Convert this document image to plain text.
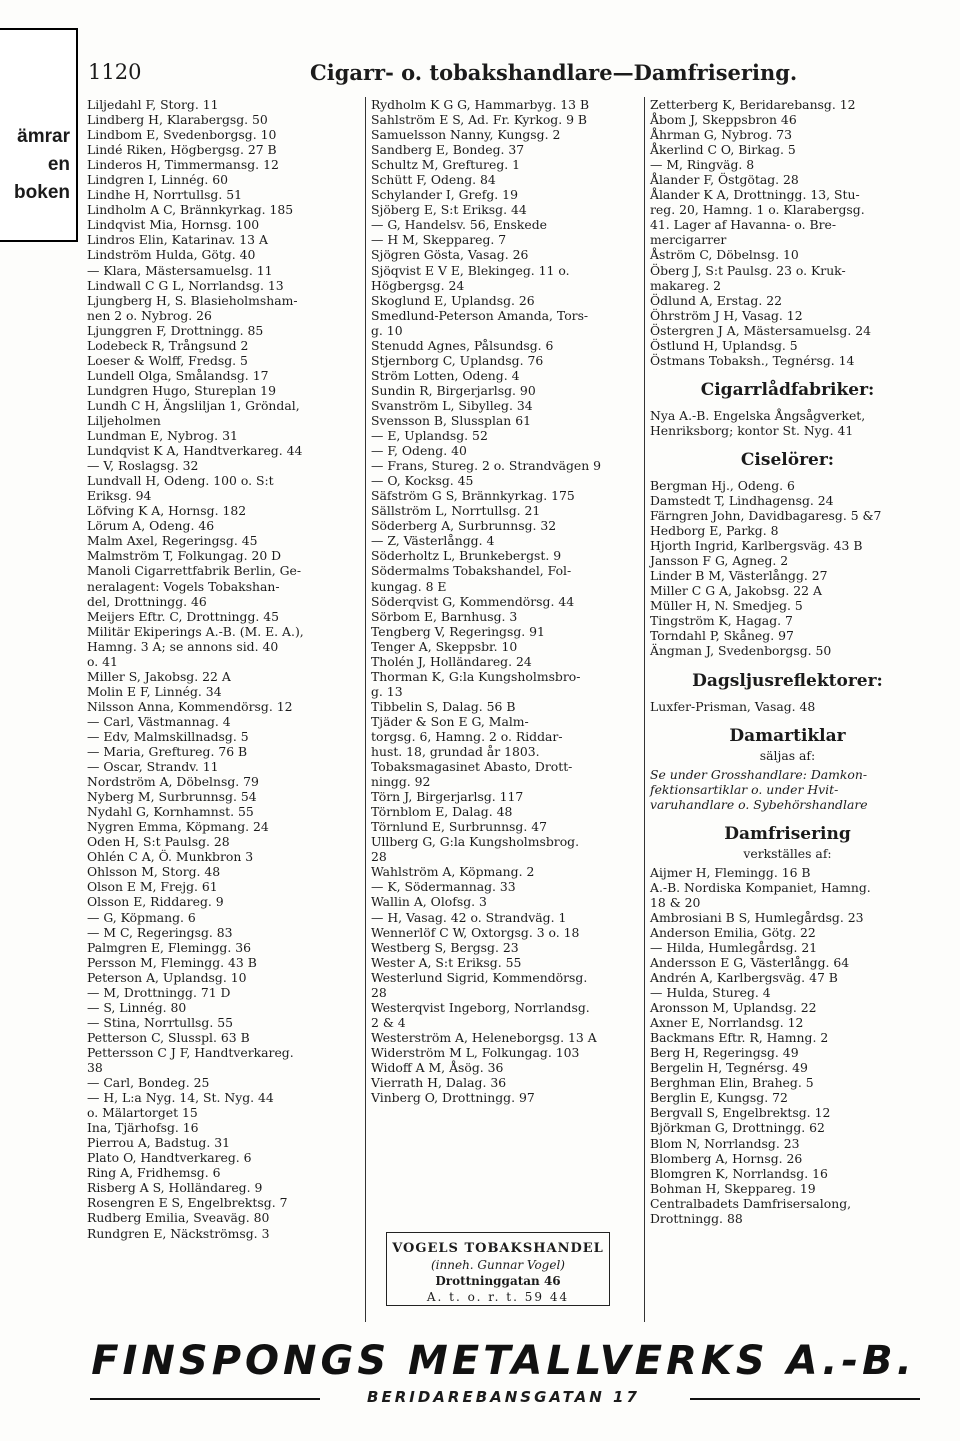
ämrar
en
boken
1120	Cigarr- o. tobakshandlare—Damfrisering.
Liljedahl F, Storg. 11
Lindberg H, Klarabergsg. 50
Lindbom E, Svedenborgsg. 10
Lindé Riken, Högbergsg. 27 B
Linderos H, Timmermansg. 12
Lindgren I, Linnég. 60
Lindhe H, Norrtullsg. 51
Lindholm A C, Brännkyrkag. 185
Lindqvist Mia, Hornsg. 100
Lindros Elin, Katarinav. 13 A
Lindström Hulda, Götg. 40
— Klara, Mästersamuelsg. 11
Lindwall C G L, Norrlandsg. 13
Ljungberg H, S. Blasieholmsham-
nen 2 o. Nybrog. 26
Ljunggren F, Drottningg. 85
Lodebeck R, Trångsund 2
Loeser & Wolff, Fredsg. 5
Lundell Olga, Smålandsg. 17
Lundgren Hugo, Stureplan 19
Lundh C H, Ängsliljan 1, Gröndal,
Liljeholmen
Lundman E, Nybrog. 31
Lundqvist K A, Handtverkareg. 44
— V, Roslagsg. 32
Lundvall H, Odeng. 100 o. S:t
Eriksg. 94
Löfving K A, Hornsg. 182
Lörum A, Odeng. 46
Malm Axel, Regeringsg. 45
Malmström T, Folkungag. 20 D
Manoli Cigarrettfabrik Berlin, Ge-
neralagent: Vogels Tobakshan-
del, Drottningg. 46
Meijers Eftr. C, Drottningg. 45
Militär Ekiperings A.-B. (M. E. A.),
Hamng. 3 A; se annons sid. 40
o. 41
Miller S, Jakobsg. 22 A
Molin E F, Linnég. 34
Nilsson Anna, Kommendörsg. 12
— Carl, Västmannag. 4
— Edv, Malmskillnadsg. 5
— Maria, Greftureg. 76 B
— Oscar, Strandv. 11
Nordström A, Döbelnsg. 79
Nyberg M, Surbrunnsg. 54
Nydahl G, Kornhamnst. 55
Nygren Emma, Köpmang. 24
Oden H, S:t Paulsg. 28
Ohlén C A, Ö. Munkbron 3
Ohlsson M, Storg. 48
Olson E M, Frejg. 61
Olsson E, Riddareg. 9
— G, Köpmang. 6
— M C, Regeringsg. 83
Palmgren E, Flemingg. 36
Persson M, Flemingg. 43 B
Peterson A, Uplandsg. 10
— M, Drottningg. 71 D
— S, Linnég. 80
— Stina, Norrtullsg. 55
Petterson C, Slusspl. 63 B
Pettersson C J F, Handtverkareg.
38
— Carl, Bondeg. 25
— H, L:a Nyg. 14, St. Nyg. 44
o. Mälartorget 15
Ina, Tjärhofsg. 16
Pierrou A, Badstug. 31
Plato O, Handtverkareg. 6
Ring A, Fridhemsg. 6
Risberg A S, Holländareg. 9
Rosengren E S, Engelbrektsg. 7
Rudberg Emilia, Sveaväg. 80
Rundgren E, Näckströmsg. 3
Rydholm K G G, Hammarbyg. 13 B
Sahlström E S, Ad. Fr. Kyrkog. 9 B
Samuelsson Nanny, Kungsg. 2
Sandberg E, Bondeg. 37
Schultz M, Greftureg. 1
Schütt F, Odeng. 84
Schylander I, Grefg. 19
Sjöberg E, S:t Eriksg. 44
— G, Handelsv. 56, Enskede
— H M, Skeppareg. 7
Sjögren Gösta, Vasag. 26
Sjöqvist E V E, Blekingeg. 11 o.
Högbergsg. 24
Skoglund E, Uplandsg. 26
Smedlund-Peterson Amanda, Tors-
g. 10
Stenudd Agnes, Pålsundsg. 6
Stjernborg C, Uplandsg. 76
Ström Lotten, Odeng. 4
Sundin R, Birgerjarlsg. 90
Svanström L, Sibylleg. 34
Svensson B, Slussplan 61
— E, Uplandsg. 52
— F, Odeng. 40
— Frans, Stureg. 2 o. Strandvägen 9
— O, Kocksg. 45
Säfström G S, Brännkyrkag. 175
Sällström L, Norrtullsg. 21
Söderberg A, Surbrunnsg. 32
— Z, Västerlångg. 4
Söderholtz L, Brunkebergst. 9
Södermalms Tobakshandel, Fol-
kungag. 8 E
Söderqvist G, Kommendörsg. 44
Sörbom E, Barnhusg. 3
Tengberg V, Regeringsg. 91
Tenger A, Skeppsbr. 10
Tholén J, Holländareg. 24
Thorman K, G:la Kungsholmsbro-
g. 13
Tibbelin S, Dalag. 56 B
Tjäder & Son E G, Malm-
torgsg. 6, Hamng. 2 o. Riddar-
hust. 18, grundad år 1803.
Tobaksmagasinet Abasto, Drott-
ningg. 92
Törn J, Birgerjarlsg. 117
Törnblom E, Dalag. 48
Törnlund E, Surbrunnsg. 47
Ullberg G, G:la Kungsholmsbrog.
28
Wahlström A, Köpmang. 2
— K, Södermannag. 33
Wallin A, Olofsg. 3
— H, Vasag. 42 o. Strandväg. 1
Wennerlöf C W, Oxtorgsg. 3 o. 18
Westberg S, Bergsg. 23
Wester A, S:t Eriksg. 55
Westerlund Sigrid, Kommendörsg.
28
Westerqvist Ingeborg, Norrlandsg.
2 & 4
Westerström A, Heleneborgsg. 13 A
Widerström M L, Folkungag. 103
Widoff A M, Åsög. 36
Vierrath H, Dalag. 36
Vinberg O, Drottningg. 97
Zetterberg K, Beridarebansg. 12
Åbom J, Skeppsbron 46
Åhrman G, Nybrog. 73
Åkerlind C O, Birkag. 5
— M, Ringväg. 8
Ålander F, Östgötag. 28
Ålander K A, Drottningg. 13, Stu-
reg. 20, Hamng. 1 o. Klarabergsg.
41. Lager af Havanna- o. Bre-
mercigarrer
Åström C, Döbelnsg. 10
Öberg J, S:t Paulsg. 23 o. Kruk-
makareg. 2
Ödlund A, Erstag. 22
Öhrström J H, Vasag. 12
Östergren J A, Mästersamuelsg. 24
Östlund H, Uplandsg. 5
Östmans Tobaksh., Tegnérsg. 14
Cigarrlådfabriker:
Nya A.-B. Engelska Ångsågverket,
Henriksborg; kontor St. Nyg. 41
Ciselörer:
Bergman Hj., Odeng. 6
Damstedt T, Lindhagensg. 24
Färngren John, Davidbagaresg. 5 &7
Hedborg E, Parkg. 8
Hjorth Ingrid, Karlbergsväg. 43 B
Jansson F G, Agneg. 2
Linder B M, Västerlångg. 27
Miller C G A, Jakobsg. 22 A
Müller H, N. Smedjeg. 5
Tingström K, Hagag. 7
Torndahl P, Skåneg. 97
Ängman J, Svedenborgsg. 50
Dagsljusreflektorer:
Luxfer-Prisman, Vasag. 48
Damartiklar
säljas af:
Se under Grosshandlare: Damkon-
fektionsartiklar o. under Hvit-
varuhandlare o. Sybehörshandlare
Damfrisering
verkställes af:
Aijmer H, Flemingg. 16 B
A.-B. Nordiska Kompaniet, Hamng.
18 & 20
Ambrosiani B S, Humlegårdsg. 23
Anderson Emilia, Götg. 22
— Hilda, Humlegårdsg. 21
Andersson E G, Västerlångg. 64
Andrén A, Karlbergsväg. 47 B
— Hulda, Stureg. 4
Aronsson M, Uplandsg. 22
Axner E, Norrlandsg. 12
Backmans Eftr. R, Hamng. 2
Berg H, Regeringsg. 49
Bergelin H, Tegnérsg. 49
Berghman Elin, Braheg. 5
Berglin E, Kungsg. 72
Bergvall S, Engelbrektsg. 12
Björkman G, Drottningg. 62
Blom N, Norrlandsg. 23
Blomberg A, Hornsg. 26
Blomgren K, Norrlandsg. 16
Bohman H, Skeppareg. 19
Centralbadets Damfrisersalong,
Drottningg. 88
VOGELS TOBAKSHANDEL
(inneh. Gunnar Vogel)
Drottninggatan 46
A. t. o. r. t. 59 44
FINSPONGS METALLVERKS A.-B.
BERIDAREBANSGATAN 17
